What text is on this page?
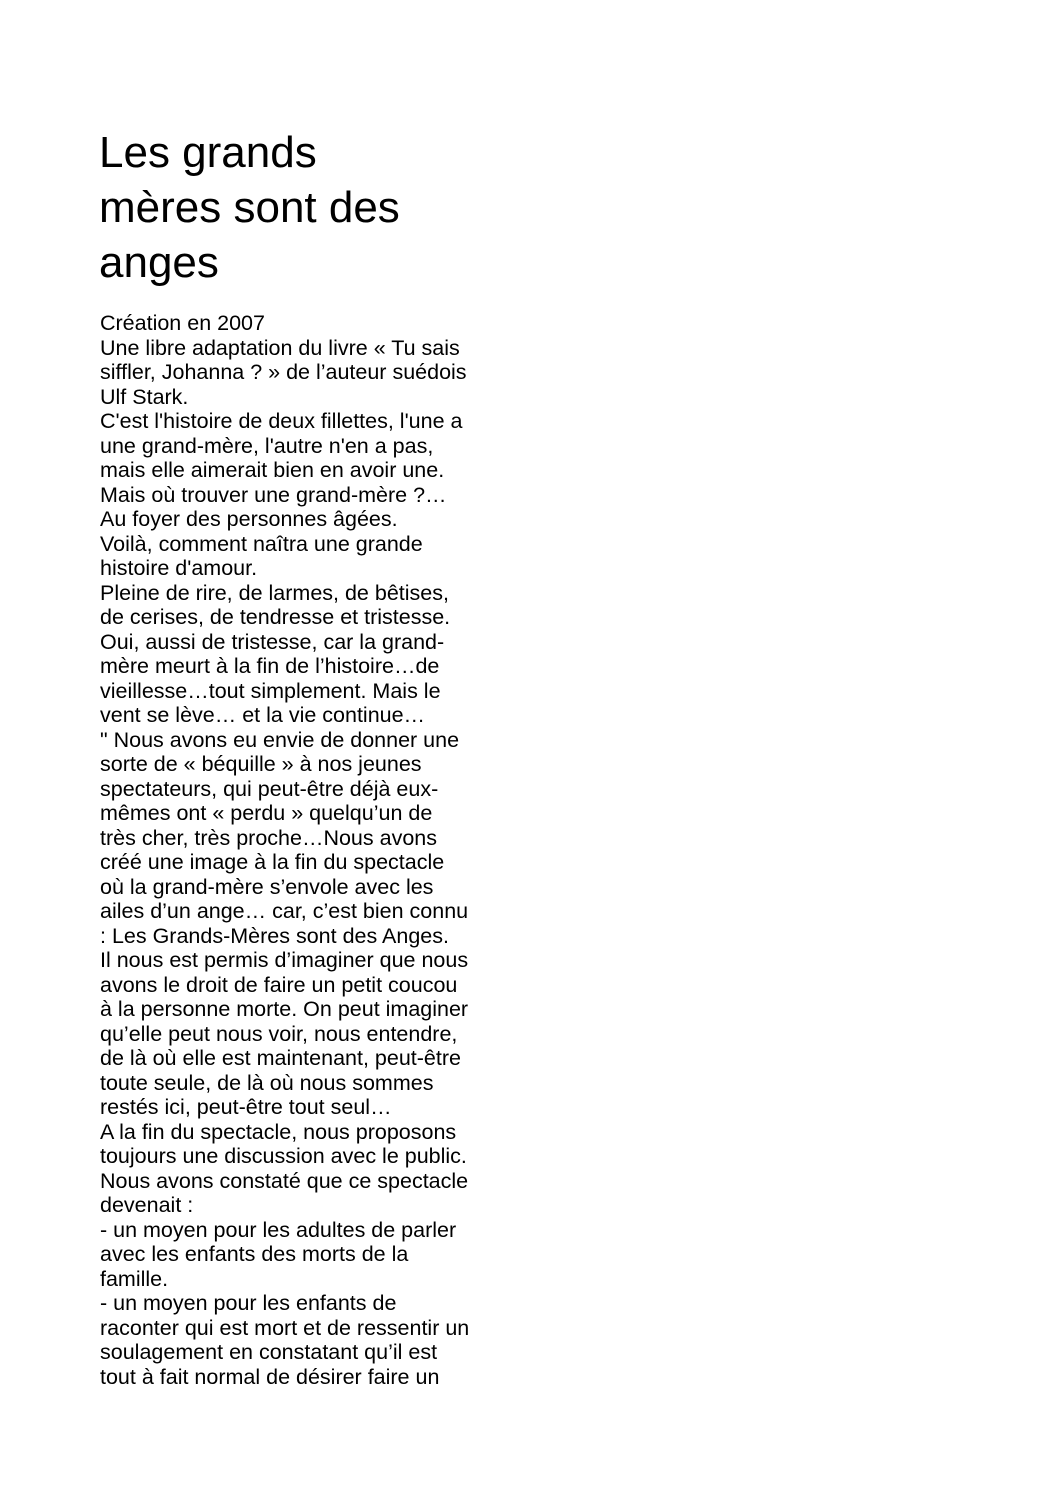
Les grands
mères sont des
anges
Création en 2007
Une libre adaptation du livre « Tu sais
siffler, Johanna ? » de l’auteur suédois
Ulf Stark.
C'est l'histoire de deux fillettes, l'une a
une grand-mère, l'autre n'en a pas,
mais elle aimerait bien en avoir une.
Mais où trouver une grand-mère ?…
Au foyer des personnes âgées.
Voilà, comment naîtra une grande
histoire d'amour.
Pleine de rire, de larmes, de bêtises,
de cerises, de tendresse et tristesse.
Oui, aussi de tristesse, car la grand-
mère meurt à la fin de l’histoire…de
vieillesse…tout simplement. Mais le
vent se lève… et la vie continue…
" Nous avons eu envie de donner une
sorte de « béquille » à nos jeunes
spectateurs, qui peut-être déjà eux-
mêmes ont « perdu » quelqu’un de
très cher, très proche…Nous avons
créé une image à la fin du spectacle
où la grand-mère s’envole avec les
ailes d’un ange… car, c’est bien connu
: Les Grands-Mères sont des Anges.
Il nous est permis d’imaginer que nous
avons le droit de faire un petit coucou
à la personne morte. On peut imaginer
qu’elle peut nous voir, nous entendre,
de là où elle est maintenant, peut-être
toute seule, de là où nous sommes
restés ici, peut-être tout seul…
A la fin du spectacle, nous proposons
toujours une discussion avec le public.
Nous avons constaté que ce spectacle
devenait :
- un moyen pour les adultes de parler
avec les enfants des morts de la
famille.
- un moyen pour les enfants de
raconter qui est mort et de ressentir un
soulagement en constatant qu’il est
tout à fait normal de désirer faire un
